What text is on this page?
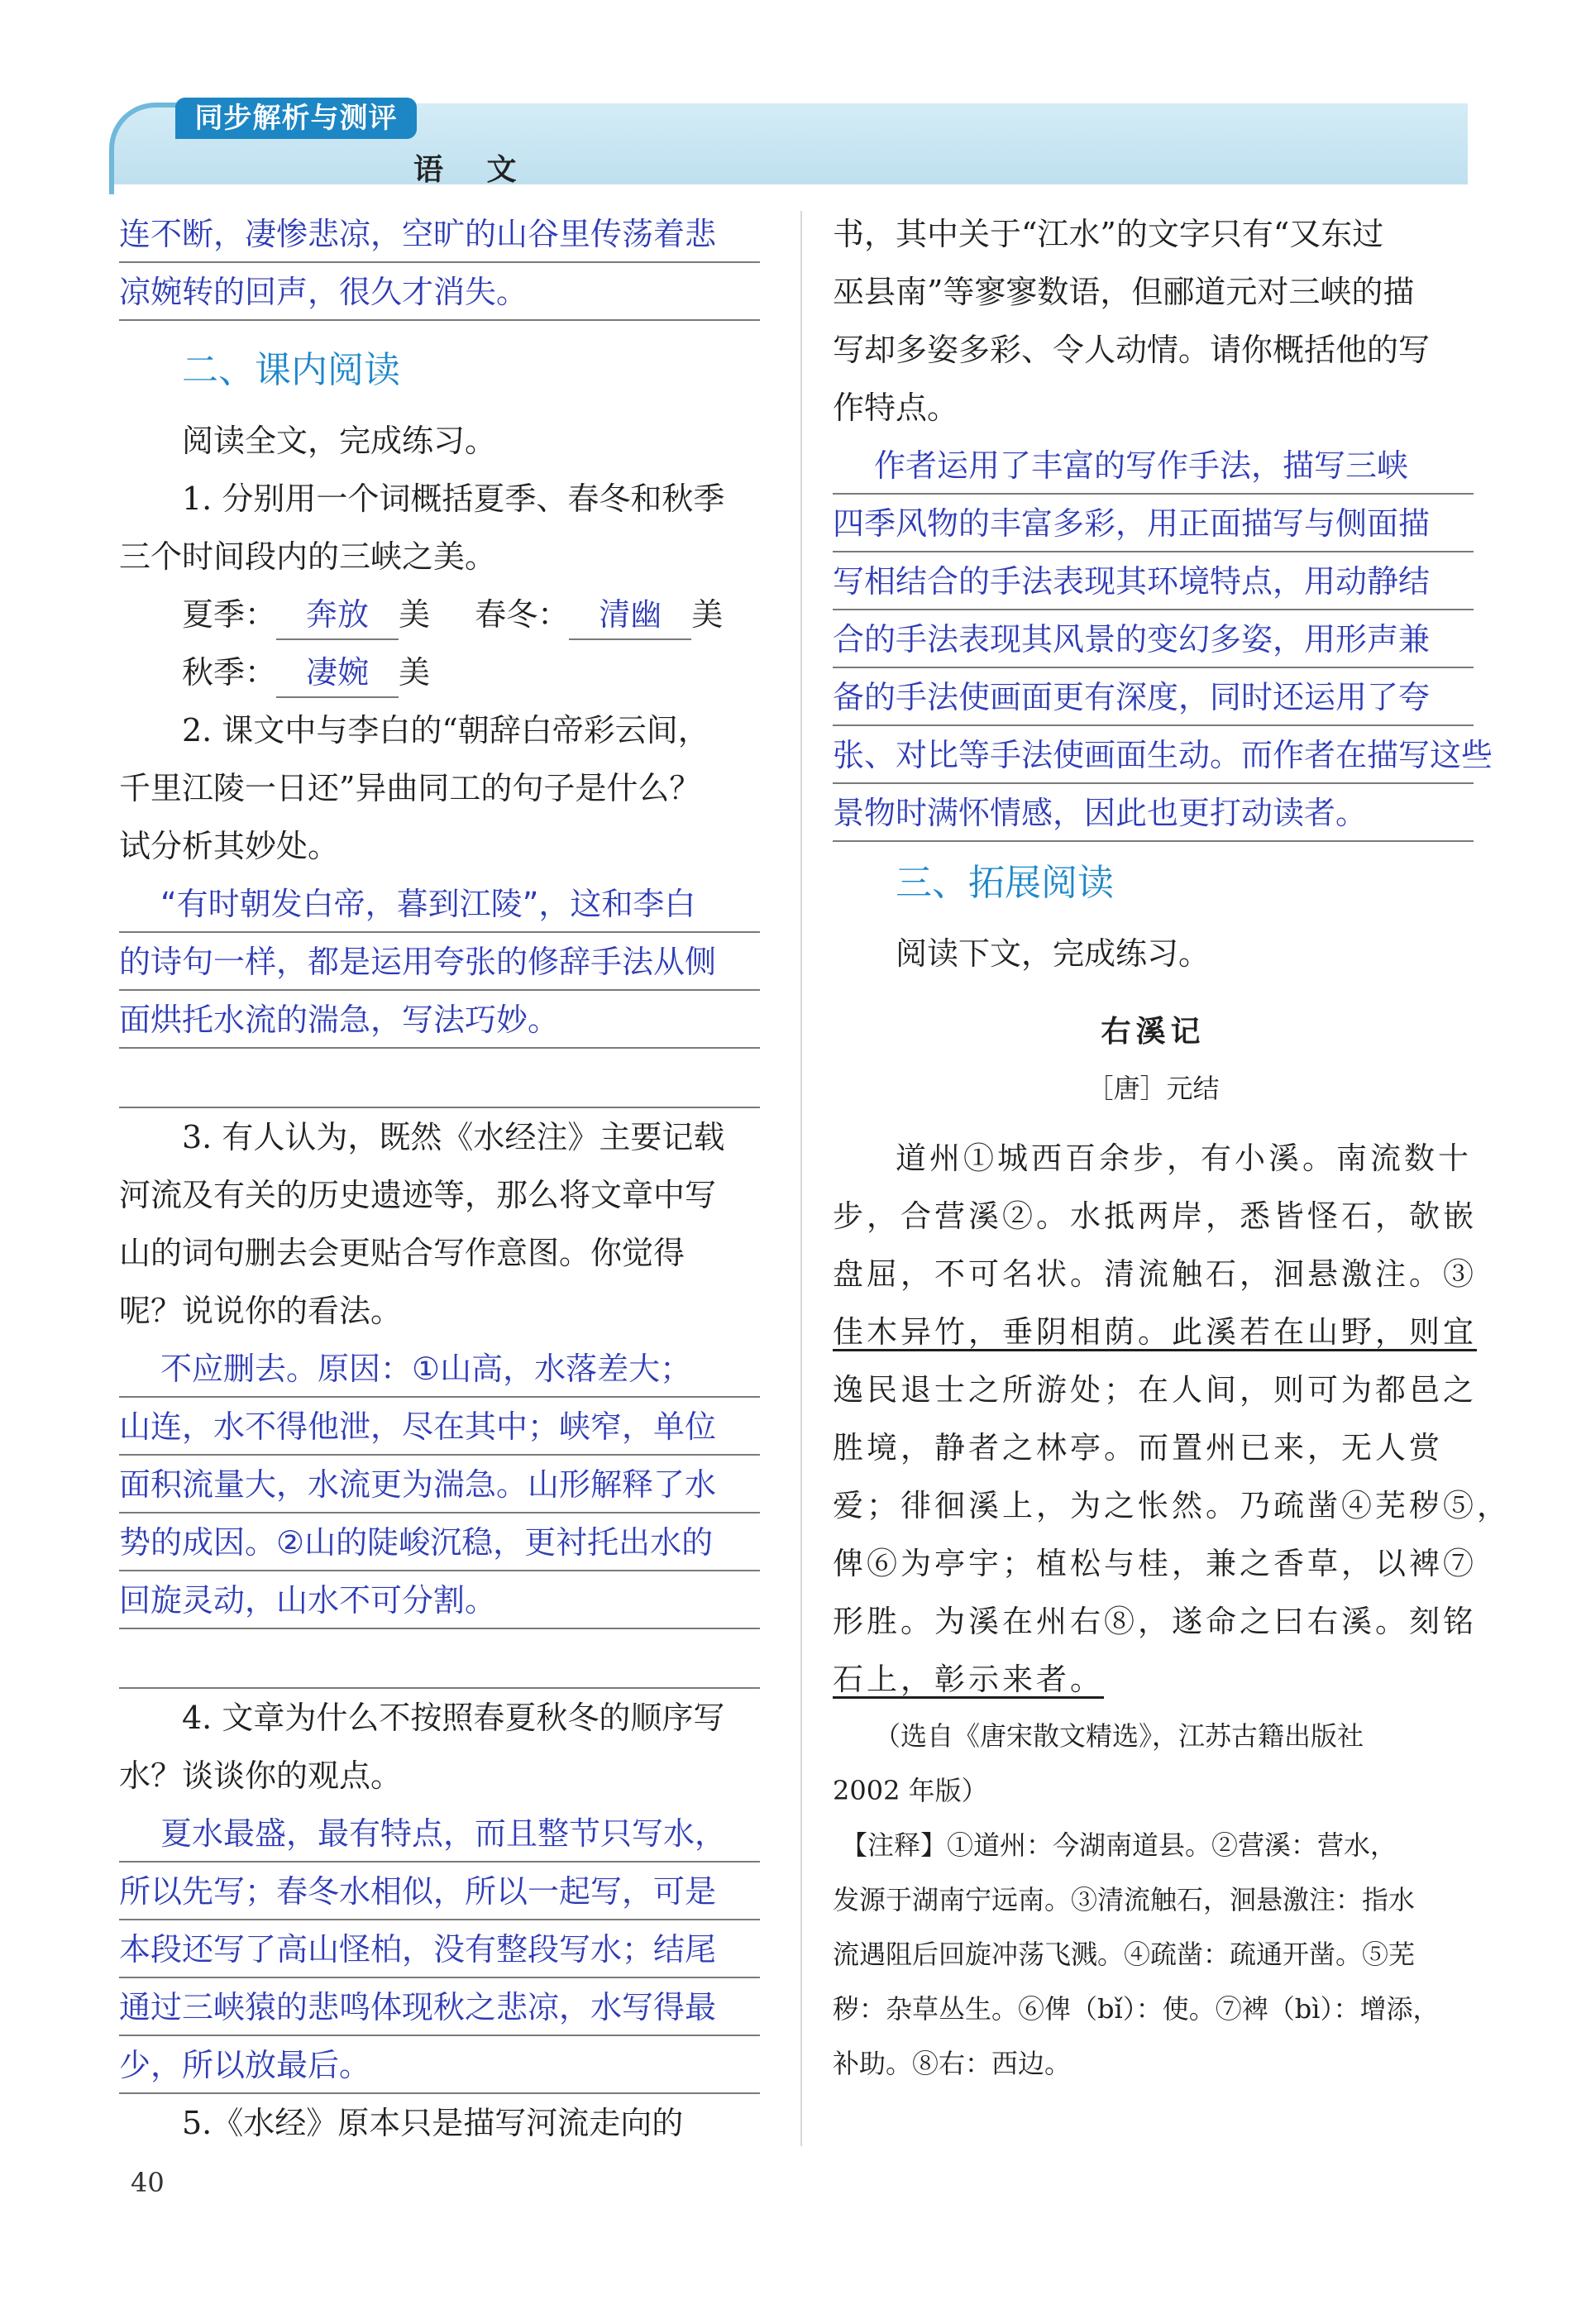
同步解析与测评
语 文
连不断，凄惨悲凉，空旷的山谷里传荡着悲
凉婉转的回声，很久才消失。
二、课内阅读
阅读全文，完成练习。
1. 分别用一个词概括夏季、春冬和秋季
三个时间段内的三峡之美。
夏季： 奔放 美 春冬： 清幽 美
秋季： 凄婉 美
2. 课文中与李白的“朝辞白帝彩云间，
千里江陵一日还”异曲同工的句子是什么？
试分析其妙处。
“有时朝发白帝，暮到江陵”，这和李白
的诗句一样，都是运用夸张的修辞手法从侧
面烘托水流的湍急，写法巧妙。
3. 有人认为，既然《水经注》主要记载
河流及有关的历史遗迹等，那么将文章中写
山的词句删去会更贴合写作意图。你觉得
呢？说说你的看法。
不应删去。原因：①山高，水落差大；
山连，水不得他泄，尽在其中；峡窄，单位
面积流量大，水流更为湍急。山形解释了水
势的成因。②山的陡峻沉稳，更衬托出水的
回旋灵动，山水不可分割。
4. 文章为什么不按照春夏秋冬的顺序写
水？谈谈你的观点。
夏水最盛，最有特点，而且整节只写水，
所以先写；春冬水相似，所以一起写，可是
本段还写了高山怪柏，没有整段写水；结尾
通过三峡猿的悲鸣体现秋之悲凉，水写得最
少，所以放最后。
5.《水经》原本只是描写河流走向的
书，其中关于“江水”的文字只有“又东过
巫县南”等寥寥数语，但郦道元对三峡的描
写却多姿多彩、令人动情。请你概括他的写
作特点。
作者运用了丰富的写作手法，描写三峡
四季风物的丰富多彩，用正面描写与侧面描
写相结合的手法表现其环境特点，用动静结
合的手法表现其风景的变幻多姿，用形声兼
备的手法使画面更有深度，同时还运用了夸
张、对比等手法使画面生动。而作者在描写这些
景物时满怀情感，因此也更打动读者。
三、拓展阅读
阅读下文，完成练习。
右溪记
［唐］元结
道州①城西百余步，有小溪。南流数十
步，合营溪②。水抵两岸，悉皆怪石，欹嵌
盘屈，不可名状。清流触石，洄悬激注。③
佳木异竹，垂阴相荫。此溪若在山野，则宜
逸民退士之所游处；在人间，则可为都邑之
胜境，静者之林亭。而置州已来，无人赏
爱；徘徊溪上，为之怅然。乃疏凿④芜秽⑤，
俾⑥为亭宇；植松与桂，兼之香草，以裨⑦
形胜。为溪在州右⑧，遂命之曰右溪。刻铭
石上，彰示来者。
（选自《唐宋散文精选》，江苏古籍出版社
2002 年版）
【注释】①道州：今湖南道县。②营溪：营水，
发源于湖南宁远南。③清流触石，洄悬激注：指水
流遇阻后回旋冲荡飞溅。④疏凿：疏通开凿。⑤芜
秽：杂草丛生。⑥俾（bǐ）：使。⑦裨（bì）：增添，
补助。⑧右：西边。
40
